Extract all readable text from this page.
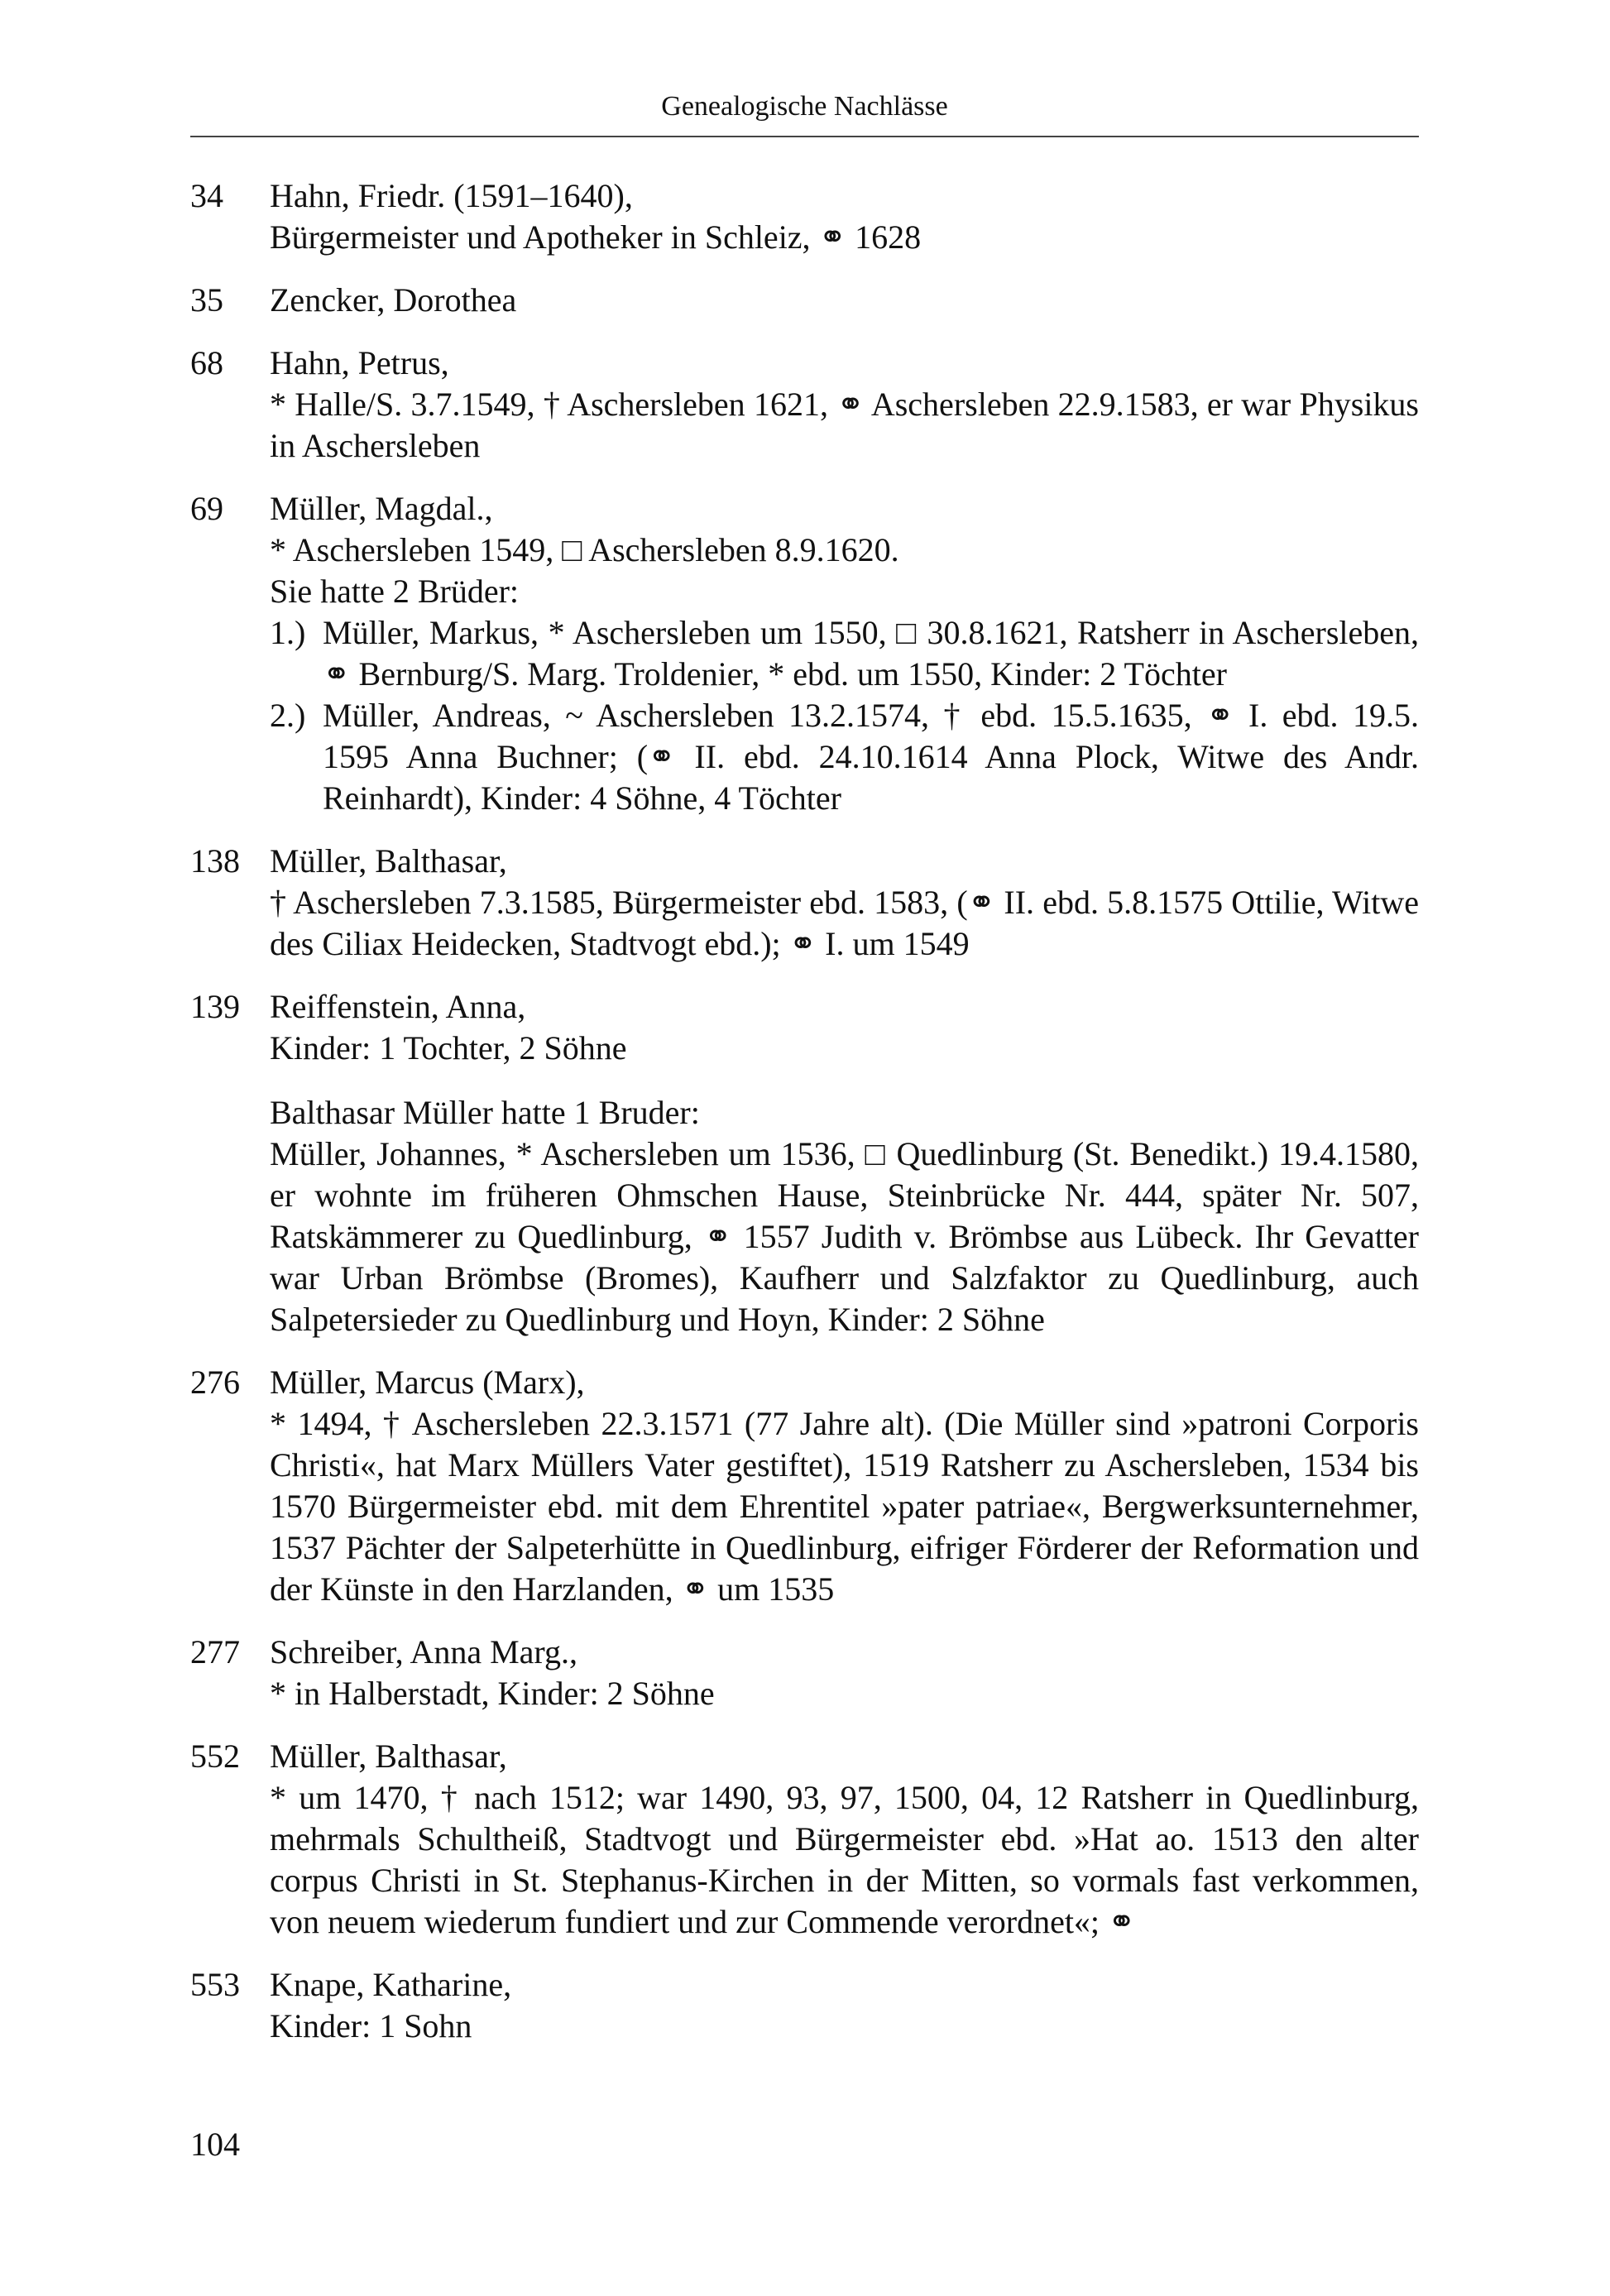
Genealogische Nachlässe
34	Hahn, Friedr. (1591–1640),
Bürgermeister und Apotheker in Schleiz, ⚭ 1628
35	Zencker, Dorothea
68	Hahn, Petrus,
* Halle/S. 3.7.1549, † Aschersleben 1621, ⚭ Aschersleben 22.9.1583, er war Physikus in Aschersleben
69	Müller, Magdal.,
* Aschersleben 1549, □ Aschersleben 8.9.1620.
Sie hatte 2 Brüder:
1.) Müller, Markus, * Aschersleben um 1550, □ 30.8.1621, Ratsherr in Aschersleben, ⚭ Bernburg/S. Marg. Troldenier, * ebd. um 1550, Kinder: 2 Töchter
2.) Müller, Andreas, ~ Aschersleben 13.2.1574, † ebd. 15.5.1635, ⚭ I. ebd. 19.5. 1595 Anna Buchner; (⚭ II. ebd. 24.10.1614 Anna Plock, Witwe des Andr. Reinhardt), Kinder: 4 Söhne, 4 Töchter
138 Müller, Balthasar,
† Aschersleben 7.3.1585, Bürgermeister ebd. 1583, (⚭ II. ebd. 5.8.1575 Ottilie, Witwe des Ciliax Heidecken, Stadtvogt ebd.); ⚭ I. um 1549
139 Reiffenstein, Anna,
Kinder: 1 Tochter, 2 Söhne
Balthasar Müller hatte 1 Bruder:
Müller, Johannes, * Aschersleben um 1536, □ Quedlinburg (St. Benedikt.) 19.4.1580, er wohnte im früheren Ohmschen Hause, Steinbrücke Nr. 444, später Nr. 507, Ratskämmerer zu Quedlinburg, ⚭ 1557 Judith v. Brömbse aus Lübeck. Ihr Gevatter war Urban Brömbse (Bromes), Kaufherr und Salzfaktor zu Quedlinburg, auch Salpetersieder zu Quedlinburg und Hoyn, Kinder: 2 Söhne
276 Müller, Marcus (Marx),
* 1494, † Aschersleben 22.3.1571 (77 Jahre alt). (Die Müller sind »patroni Corporis Christi«, hat Marx Müllers Vater gestiftet), 1519 Ratsherr zu Aschersleben, 1534 bis 1570 Bürgermeister ebd. mit dem Ehrentitel »pater patriae«, Bergwerksunternehmer, 1537 Pächter der Salpeterhütte in Quedlinburg, eifriger Förderer der Reformation und der Künste in den Harzlanden, ⚭ um 1535
277 Schreiber, Anna Marg.,
* in Halberstadt, Kinder: 2 Söhne
552 Müller, Balthasar,
* um 1470, † nach 1512; war 1490, 93, 97, 1500, 04, 12 Ratsherr in Quedlinburg, mehrmals Schultheiß, Stadtvogt und Bürgermeister ebd. »Hat ao. 1513 den alter corpus Christi in St. Stephanus-Kirchen in der Mitten, so vormals fast verkommen, von neuem wiederum fundiert und zur Commende verordnet«; ⚭
553 Knape, Katharine,
Kinder: 1 Sohn
104
